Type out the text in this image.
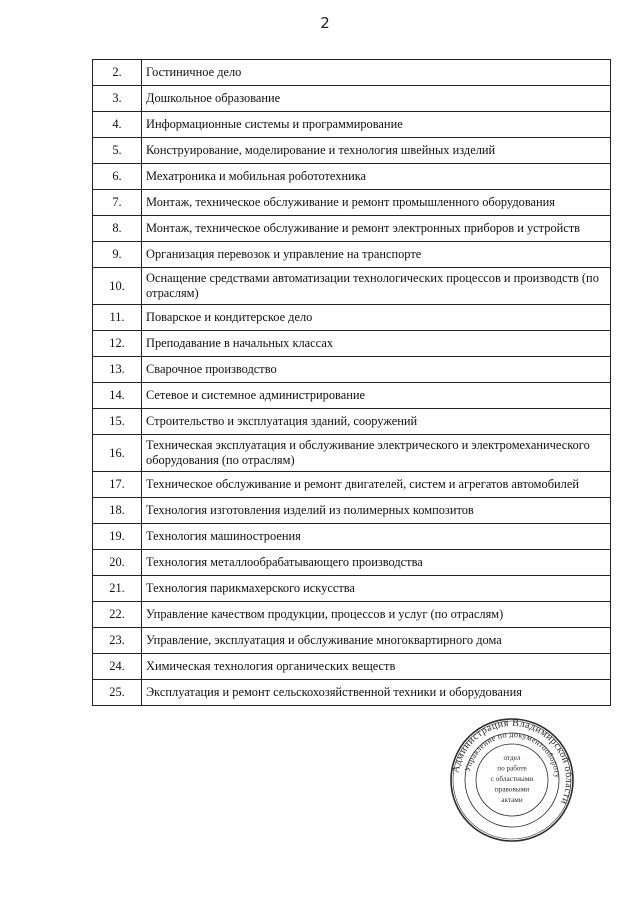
2
2.	Гостиничное дело
3.	Дошкольное образование
4.	Информационные системы и программирование
5.	Конструирование, моделирование и технология швейных изделий
6.	Мехатроника и мобильная робототехника
7.	Монтаж, техническое обслуживание и ремонт промышленного оборудования
8.	Монтаж, техническое обслуживание и ремонт электронных приборов и устройств
9.	Организация перевозок и управление на транспорте
10.	Оснащение средствами автоматизации технологических процессов и производств (по отраслям)
11.	Поварское и кондитерское дело
12.	Преподавание в начальных классах
13.	Сварочное производство
14.	Сетевое и системное администрирование
15.	Строительство и эксплуатация зданий, сооружений
16.	Техническая эксплуатация и обслуживание электрического и электромеханического оборудования (по отраслям)
17.	Техническое обслуживание и ремонт двигателей, систем и агрегатов автомобилей
18.	Технология изготовления изделий из полимерных композитов
19.	Технология машиностроения
20.	Технология металлообрабатывающего производства
21.	Технология парикмахерского искусства
22.	Управление качеством продукции, процессов и услуг (по отраслям)
23.	Управление, эксплуатация и обслуживание многоквартирного дома
24.	Химическая технология органических веществ
25.	Эксплуатация и ремонт сельскохозяйственной техники и оборудования
Администрация Владимирской области
Управление по документообороту
отдел
по работе
с областными
правовыми
актами
